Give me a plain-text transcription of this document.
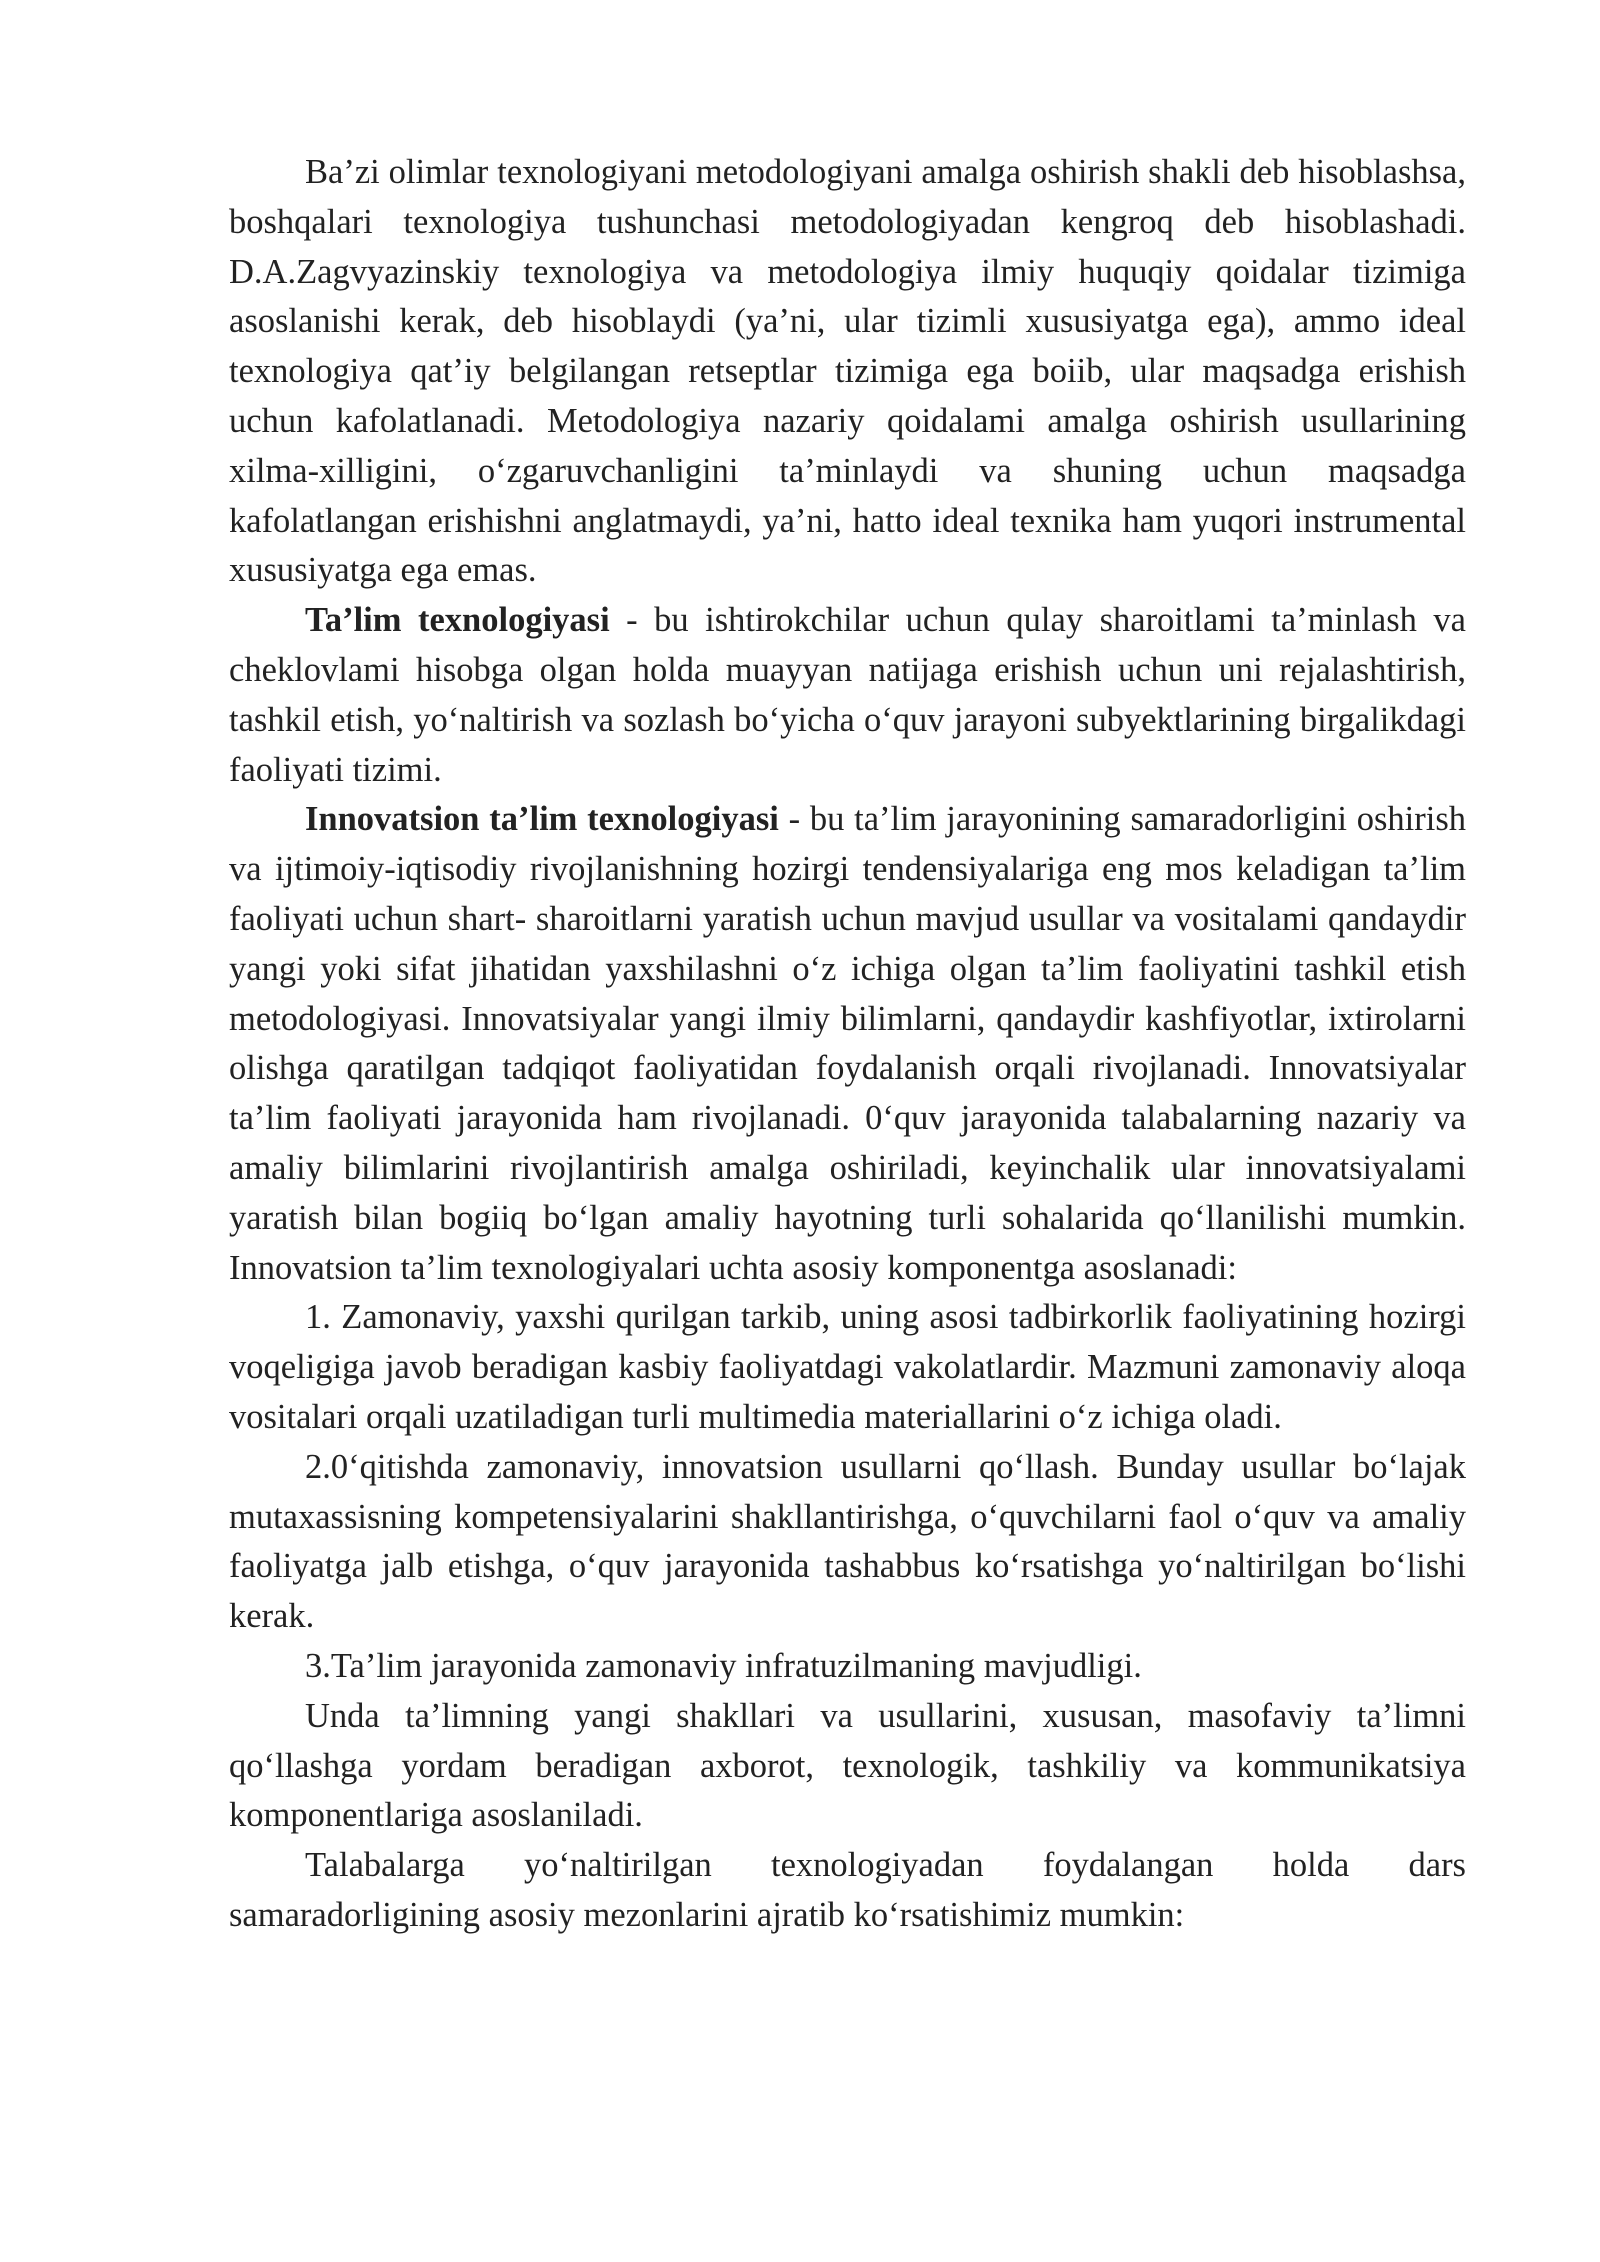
Ba’zi olimlar texnologiyani metodologiyani amalga oshirish shakli deb hisoblashsa, boshqalari texnologiya tushunchasi metodologiyadan kengroq deb hisoblashadi. D.A.Zagvyazinskiy texnologiya va metodologiya ilmiy huquqiy qoidalar tizimiga asoslanishi kerak, deb hisoblaydi (ya’ni, ular tizimli xususiyatga ega), ammo ideal texnologiya qat’iy belgilangan retseptlar tizimiga ega boiib, ular maqsadga erishish uchun kafolatlanadi. Metodologiya nazariy qoidalami amalga oshirish usullarining xilma-xilligini, o‘zgaruvchanligini ta’minlaydi va shuning uchun maqsadga kafolatlangan erishishni anglatmaydi, ya’ni, hatto ideal texnika ham yuqori instrumental xususiyatga ega emas.

Ta’lim texnologiyasi - bu ishtirokchilar uchun qulay sharoitlami ta’minlash va cheklovlami hisobga olgan holda muayyan natijaga erishish uchun uni rejalashtirish, tashkil etish, yo‘naltirish va sozlash bo‘yicha o‘quv jarayoni subyektlarining birgalikdagi faoliyati tizimi.

Innovatsion ta’lim texnologiyasi - bu ta’lim jarayonining samaradorligini oshirish va ijtimoiy-iqtisodiy rivojlanishning hozirgi tendensiyalariga eng mos keladigan ta’lim faoliyati uchun shart- sharoitlarni yaratish uchun mavjud usullar va vositalami qandaydir yangi yoki sifat jihatidan yaxshilashni o‘z ichiga olgan ta’lim faoliyatini tashkil etish metodologiyasi. Innovatsiyalar yangi ilmiy bilimlarni, qandaydir kashfiyotlar, ixtirolarni olishga qaratilgan tadqiqot faoliyatidan foydalanish orqali rivojlanadi. Innovatsiyalar ta’lim faoliyati jarayonida ham rivojlanadi. 0‘quv jarayonida talabalarning nazariy va amaliy bilimlarini rivojlantirish amalga oshiriladi, keyinchalik ular innovatsiyalami yaratish bilan bogiiq bo‘lgan amaliy hayotning turli sohalarida qo‘llanilishi mumkin. Innovatsion ta’lim texnologiyalari uchta asosiy komponentga asoslanadi:

1. Zamonaviy, yaxshi qurilgan tarkib, uning asosi tadbirkorlik faoliyatining hozirgi voqeligiga javob beradigan kasbiy faoliyatdagi vakolatlardir. Mazmuni zamonaviy aloqa vositalari orqali uzatiladigan turli multimedia materiallarini o‘z ichiga oladi.

2.0‘qitishda zamonaviy, innovatsion usullarni qo‘llash. Bunday usullar bo‘lajak mutaxassisning kompetensiyalarini shakllantirishga, o‘quvchilarni faol o‘quv va amaliy faoliyatga jalb etishga, o‘quv jarayonida tashabbus ko‘rsatishga yo‘naltirilgan bo‘lishi kerak.

3.Ta’lim jarayonida zamonaviy infratuzilmaning mavjudligi.

Unda ta’limning yangi shakllari va usullarini, xususan, masofaviy ta’limni qo‘llashga yordam beradigan axborot, texnologik, tashkiliy va kommunikatsiya komponentlariga asoslaniladi.

Talabalarga yo‘naltirilgan texnologiyadan foydalangan holda dars samaradorligining asosiy mezonlarini ajratib ko‘rsatishimiz mumkin:
